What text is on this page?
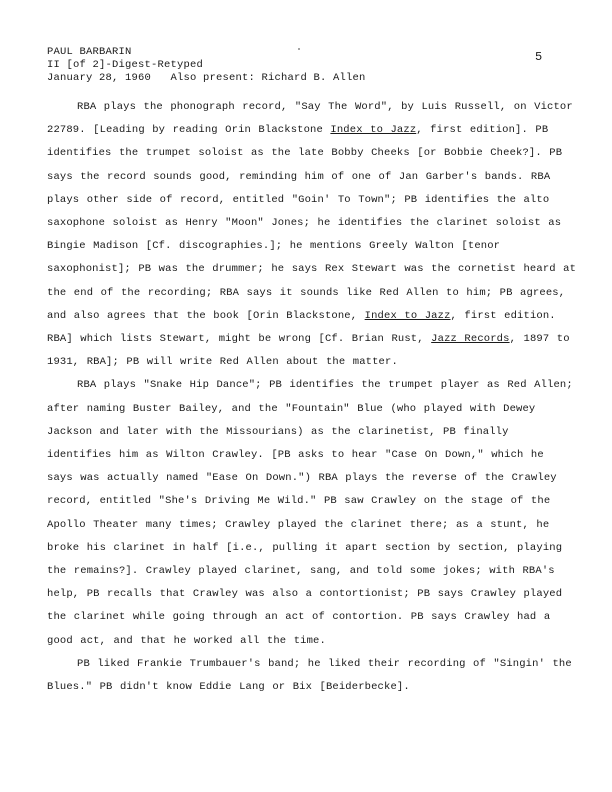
PAUL BARBARIN
II [of 2]-Digest-Retyped
January 28, 1960   Also present: Richard B. Allen
5

RBA plays the phonograph record, "Say The Word", by Luis Russell, on Victor 22789. [Leading by reading Orin Blackstone Index to Jazz, first edition]. PB identifies the trumpet soloist as the late Bobby Cheeks [or Bobbie Cheek?]. PB says the record sounds good, reminding him of one of Jan Garber's bands. RBA plays other side of record, entitled "Goin' To Town"; PB identifies the alto saxophone soloist as Henry "Moon" Jones; he identifies the clarinet soloist as Bingie Madison [Cf. discographies.]; he mentions Greely Walton [tenor saxophonist]; PB was the drummer; he says Rex Stewart was the cornetist heard at the end of the recording; RBA says it sounds like Red Allen to him; PB agrees, and also agrees that the book [Orin Blackstone, Index to Jazz, first edition. RBA] which lists Stewart, might be wrong [Cf. Brian Rust, Jazz Records, 1897 to 1931, RBA]; PB will write Red Allen about the matter.

RBA plays "Snake Hip Dance"; PB identifies the trumpet player as Red Allen; after naming Buster Bailey, and the "Fountain" Blue (who played with Dewey Jackson and later with the Missourians) as the clarinetist, PB finally identifies him as Wilton Crawley. [PB asks to hear "Case On Down," which he says was actually named "Ease On Down.") RBA plays the reverse of the Crawley record, entitled "She's Driving Me Wild." PB saw Crawley on the stage of the Apollo Theater many times; Crawley played the clarinet there; as a stunt, he broke his clarinet in half [i.e., pulling it apart section by section, playing the remains?]. Crawley played clarinet, sang, and told some jokes; with RBA's help, PB recalls that Crawley was also a contortionist; PB says Crawley played the clarinet while going through an act of contortion. PB says Crawley had a good act, and that he worked all the time.

PB liked Frankie Trumbauer's band; he liked their recording of "Singin' the Blues." PB didn't know Eddie Lang or Bix [Beiderbecke].
